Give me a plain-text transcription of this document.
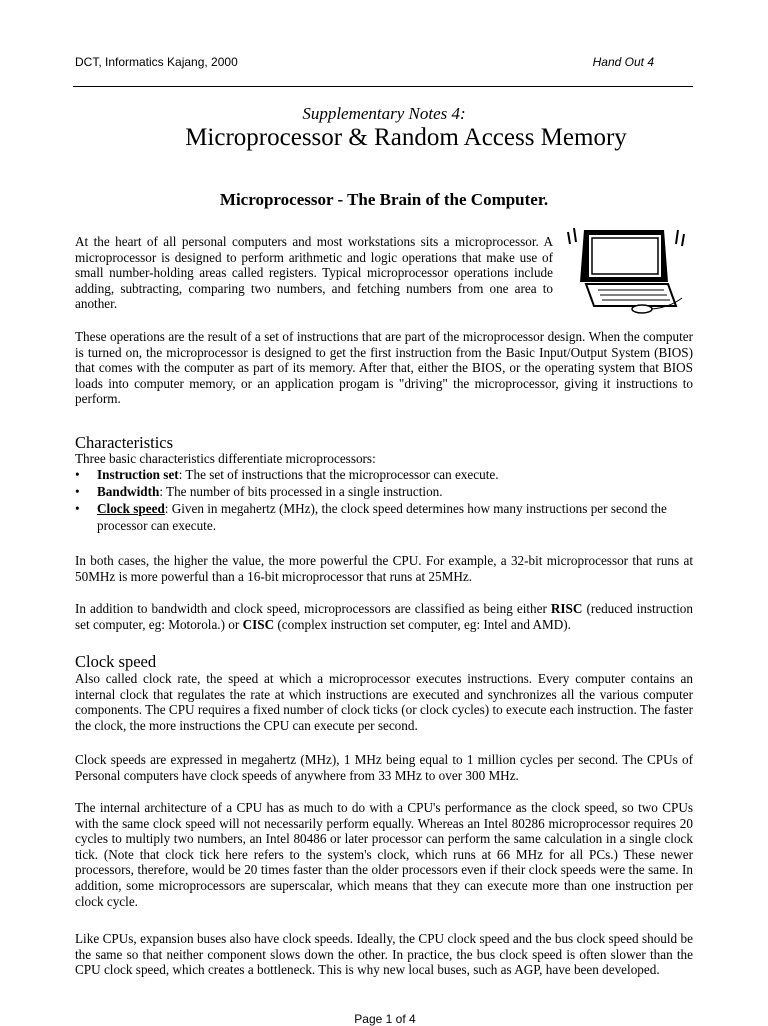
DCT, Informatics Kajang, 2000	Hand Out 4
Supplementary Notes 4:
Microprocessor & Random Access Memory
Microprocessor - The Brain of the Computer.
At the heart of all personal computers and most workstations sits a microprocessor. A microprocessor is designed to perform arithmetic and logic operations that make use of small number-holding areas called registers. Typical microprocessor operations include adding, subtracting, comparing two numbers, and fetching numbers from one area to another.
These operations are the result of a set of instructions that are part of the microprocessor design. When the computer is turned on, the microprocessor is designed to get the first instruction from the Basic Input/Output System (BIOS) that comes with the computer as part of its memory. After that, either the BIOS, or the operating system that BIOS loads into computer memory, or an application progam is "driving" the microprocessor, giving it instructions to perform.
Characteristics
Three basic characteristics differentiate microprocessors:
• Instruction set: The set of instructions that the microprocessor can execute.
• Bandwidth: The number of bits processed in a single instruction.
• Clock speed: Given in megahertz (MHz), the clock speed determines how many instructions per second the processor can execute.
In both cases, the higher the value, the more powerful the CPU. For example, a 32-bit microprocessor that runs at 50MHz is more powerful than a 16-bit microprocessor that runs at 25MHz.
In addition to bandwidth and clock speed, microprocessors are classified as being either RISC (reduced instruction set computer, eg: Motorola.) or CISC (complex instruction set computer, eg: Intel and AMD).
Clock speed
Also called clock rate, the speed at which a microprocessor executes instructions. Every computer contains an internal clock that regulates the rate at which instructions are executed and synchronizes all the various computer components. The CPU requires a fixed number of clock ticks (or clock cycles) to execute each instruction. The faster the clock, the more instructions the CPU can execute per second.
Clock speeds are expressed in megahertz (MHz), 1 MHz being equal to 1 million cycles per second. The CPUs of Personal computers have clock speeds of anywhere from 33 MHz to over 300 MHz.
The internal architecture of a CPU has as much to do with a CPU's performance as the clock speed, so two CPUs with the same clock speed will not necessarily perform equally. Whereas an Intel 80286 microprocessor requires 20 cycles to multiply two numbers, an Intel 80486 or later processor can perform the same calculation in a single clock tick. (Note that clock tick here refers to the system's clock, which runs at 66 MHz for all PCs.) These newer processors, therefore, would be 20 times faster than the older processors even if their clock speeds were the same. In addition, some microprocessors are superscalar, which means that they can execute more than one instruction per clock cycle.
Like CPUs, expansion buses also have clock speeds. Ideally, the CPU clock speed and the bus clock speed should be the same so that neither component slows down the other. In practice, the bus clock speed is often slower than the CPU clock speed, which creates a bottleneck. This is why new local buses, such as AGP, have been developed.
Page 1 of 4
